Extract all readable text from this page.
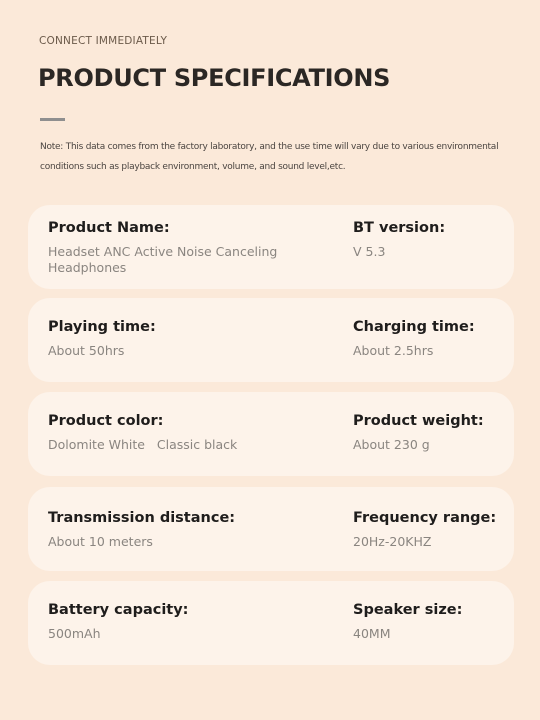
CONNECT IMMEDIATELY
PRODUCT SPECIFICATIONS
Note: This data comes from the factory laboratory, and the use time will vary due to various environmental conditions such as playback environment, volume, and sound level,etc.
Product Name:
Headset ANC Active Noise Canceling Headphones
BT version:
V 5.3
Playing time:
About 50hrs
Charging time:
About 2.5hrs
Product color:
Dolomite White   Classic black
Product weight:
About 230 g
Transmission distance:
About 10 meters
Frequency range:
20Hz-20KHZ
Battery capacity:
500mAh
Speaker size:
40MM
